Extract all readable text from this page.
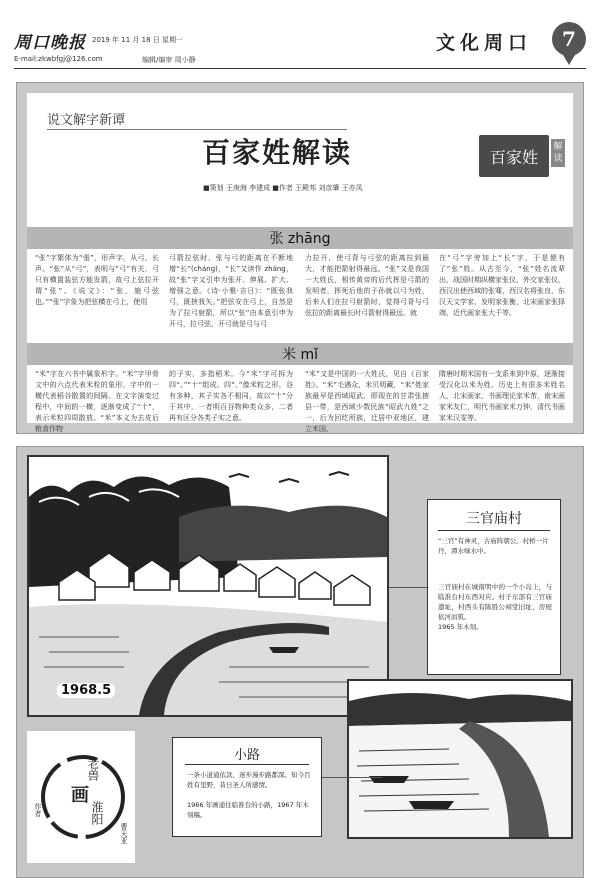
周口晚报 2019 年 11 月 18 日 星期一
E-mail:zkwbfgj@126.com	编辑/编审 周小静
文化周口	7
说文解字新谭
百家姓解读	百家姓
解读
■策划 王庚海 李建成 ■作者 王殿邦 刘彦肇 王亦凤
张 zhāng
“张”字繁体为“張”，形声字，从弓，长声。“张”从“弓”，表明与“弓”有关，弓只有横置装弦方能发箭，故弓上弦拉开谓“张”。《说文》：“张，施弓弦也。”“张”字象为把弦横在弓上，使用
弓箭拉弦时，张与弓的距离在不断地增“长”(cháng)，“长”又读作 zhǎng，故“张”字又引申为张开、伸展、扩大、增强之意。《诗·小雅·吉日》：“既张我弓，既挟我矢。”把弦安在弓上，自然是为了拉弓射箭，所以“张”由本意引申为开弓，拉弓弦，开弓就是弓与弓
力拉开，使弓背与弓弦的距离拉到最大，才能把箭射得最远。“张”又是我国一大姓氏，相传黄帝的后代挥是弓箭的发明者，挥死后他的子孙就以弓为姓，后来人们在拉弓射箭时，觉得弓背与弓弦拉的距离最长时弓箭射得最远，就
在“弓”字旁加上“长”字，于是便有了“张”姓。从古至今，“张”姓名流辈出，战国时期纵横家张仪、外交家张仪，西汉出使西域的张骞，西汉名将张良，东汉天文学家、发明家张衡，北宋画家张择端，近代画家张大千等。
米 mǐ
“米”字在六书中属象形字。“米”字甲骨文中的六点代表米粒的象形，字中的一横代表稻谷散置的间隔。在文字演变过程中，中间的一横，逐渐变成了“十”，表示米粒四周散放。“米”本义为去皮后粮食作物
的子实，多指稻米。今“米”字可拆为四“、”“十”组成。四“、”像米粒之形，谷有多种，其子实各不相同，故以“十”分于其中，一者明百谷物种类众多，二者再有区分各类子实之意。
“米”又是中国的一大姓氏，见自《百家姓》。“米”毛遇众，米贝明藏，“米”姓家族最早是西域昭武，即现在的甘肃张掖县一带，是西域少数民族“昭武九姓”之一，后为回纥所族，迁居中亚地区，建立米国，
隋唐时期米国有一支系来到中原，逐渐接受汉化以米为姓。历史上有很多米姓名人，北宋画家、书画理论家米芾，南宋画家米友仁，明代书画家米万钟，清代书画家米汉雯等。
1968.5
三官庙村
“三官”有神灵，古庙阵朝公。村桥一片丹，潭水绿水中。
三官庙村在城南明中的一个小岛上，与临淮台村东西对应。村子东部有三官庙遗址，村西头有陈胜公祠堂旧址，房屋依河而筑。
1965 年木刻。
小路
一条小道通依款，迷步漫步路都深。知今百姓有里野，昔日圣人所感情。
1966 年画通往临淮台的小路，1967 年木刻稿。
老兽
画
淮阳
作者
曹天亚
